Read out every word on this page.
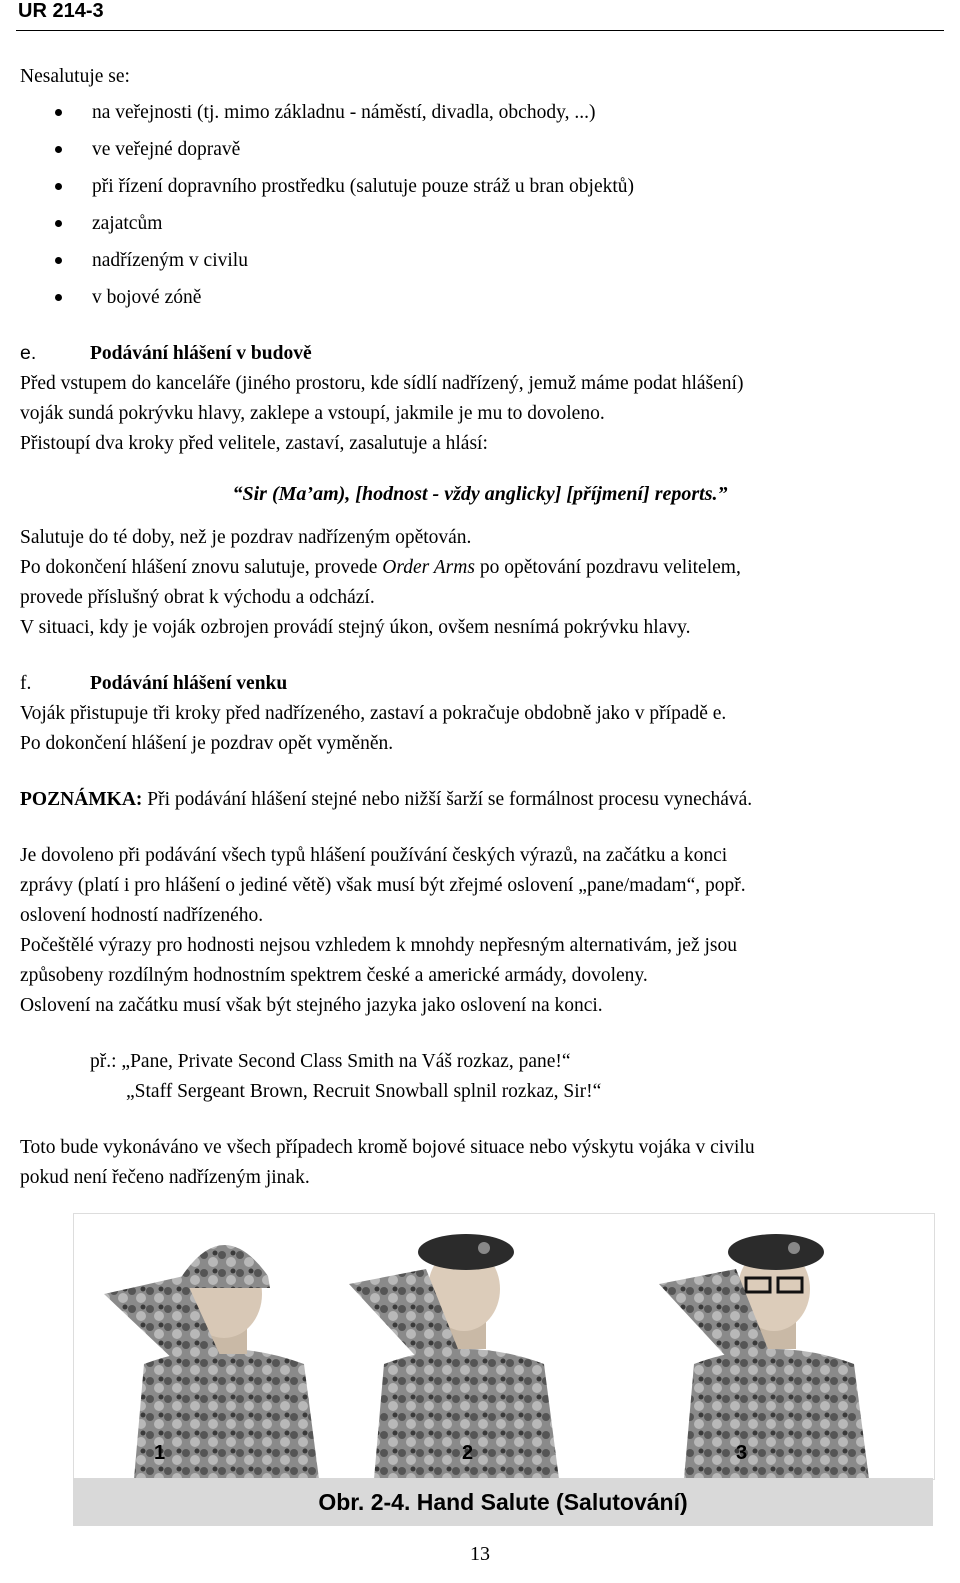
UR 214-3
Nesalutuje se:
na veřejnosti (tj. mimo základnu - náměstí, divadla, obchody, ...)
ve veřejné dopravě
při řízení dopravního prostředku (salutuje pouze stráž u bran objektů)
zajatcům
nadřízeným v civilu
v bojové zóně
e.	Podávání hlášení v budově
Před vstupem do kanceláře (jiného prostoru, kde sídlí nadřízený, jemuž máme podat hlášení)
voják sundá pokrývku hlavy, zaklepe a vstoupí, jakmile je mu to dovoleno.
Přistoupí dva kroky před velitele, zastaví, zasalutuje a hlásí:
“Sir (Ma’am), [hodnost - vždy anglicky] [příjmení] reports.”
Salutuje do té doby, než je pozdrav nadřízeným opětován.
Po dokončení hlášení znovu salutuje, provede Order Arms po opětování pozdravu velitelem,
provede příslušný obrat k východu a odchází.
V situaci, kdy je voják ozbrojen provádí stejný úkon, ovšem nesnímá pokrývku hlavy.
f.	Podávání hlášení venku
Voják přistupuje tři kroky před nadřízeného, zastaví a pokračuje obdobně jako v případě e.
Po dokončení hlášení je pozdrav opět vyměněn.
POZNÁMKA: Při podávání hlášení stejné nebo nižší šarží se formálnost procesu vynechává.
Je dovoleno při podávání všech typů hlášení používání českých výrazů, na začátku a konci
zprávy (platí i pro hlášení o jediné větě) však musí být zřejmé oslovení „pane/madam“, popř.
oslovení hodností nadřízeného.
Počeštělé výrazy pro hodnosti nejsou vzhledem k mnohdy nepřesným alternativám, jež jsou
způsobeny rozdílným hodnostním spektrem české a americké armády, dovoleny.
Oslovení na začátku musí však být stejného jazyka jako oslovení na konci.
př.: „Pane, Private Second Class Smith na Váš rozkaz, pane!“
„Staff Sergeant Brown, Recruit Snowball splnil rozkaz, Sir!“
Toto bude vykonáváno ve všech případech kromě bojové situace nebo výskytu vojáka v civilu
pokud není řečeno nadřízeným jinak.
1	2	3
Obr. 2-4. Hand Salute (Salutování)
13
